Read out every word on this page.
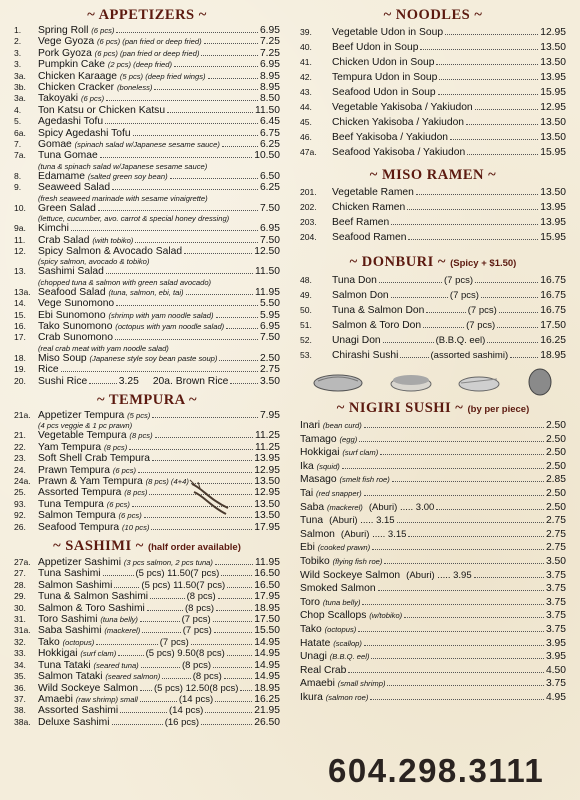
~ APPETIZERS ~
1.	Spring Roll (6 pcs)	6.95
2.	Vege Gyoza (6 pcs) (pan fried or deep fried)	7.25
3.	Pork Gyoza (6 pcs) (pan fried or deep fried)	7.25
3.	Pumpkin Cake (2 pcs) (deep fried)	6.95
3a.	Chicken Karaage (5 pcs) (deep fried wings)	8.95
3b.	Chicken Cracker (boneless)	8.95
3a.	Takoyaki (6 pcs)	8.50
4.	Ton Katsu or Chicken Katsu	11.50
5.	Agedashi Tofu	6.45
6a.	Spicy Agedashi Tofu	6.75
7.	Gomae (spinach salad w/Japanese sesame sauce)	6.25
7a.	Tuna Gomae	10.50
(tuna & spinach salad w/Japanese sesame sauce)
8.	Edamame (salted green soy bean)	6.50
9.	Seaweed Salad	6.25
(fresh seaweed marinade with sesame vinaigrette)
10.	Green Salad	7.50
(lettuce, cucumber, avo. carrot & special honey dressing)
9a.	Kimchi	6.95
11.	Crab Salad (with tobiko)	7.50
12.	Spicy Salmon & Avocado Salad	12.50
(spicy salmon, avocado & tobiko)
13.	Sashimi Salad	11.50
(chopped tuna & salmon with green salad avocado)
13a. Seafood Salad (tuna, salmon, ebi, tai)	11.95
14.	Vege Sunomono	5.50
15.	Ebi Sunomono (shrimp with yam noodle salad)	5.95
16.	Tako Sunomono (octopus with yam noodle salad)	6.95
17.	Crab Sunomono	7.50
(real crab meat with yam noodle salad)
18.	Miso Soup (Japanese style soy bean paste soup)	2.50
19.	Rice	2.75
20.	Sushi Rice	3.25 20a. Brown Rice	3.50
~ TEMPURA ~
21a. Appetizer Tempura (5 pcs)	7.95
(4 pcs veggie & 1 pc prawn)
21.	Vegetable Tempura (8 pcs)	11.25
22.	Yam Tempura (8 pcs)	11.25
23.	Soft Shell Crab Tempura	13.95
24.	Prawn Tempura (6 pcs)	12.95
24a. Prawn & Yam Tempura (8 pcs) (4+4)	13.50
25.	Assorted Tempura (8 pcs)	12.95
93.	Tuna Tempura (6 pcs)	13.50
92.	Salmon Tempura (6 pcs)	13.50
26.	Seafood Tempura (10 pcs)	17.95
~ SASHIMI ~ (half order available)
27a. Appetizer Sashimi (3 pcs salmon, 2 pcs tuna)	11.95
27.	Tuna Sashimi	(5 pcs) 11.50 (7 pcs)	16.50
28.	Salmon Sashimi	(5 pcs) 11.50 (7 pcs)	16.50
29.	Tuna & Salmon Sashimi	(8 pcs)	17.95
30.	Salmon & Toro Sashimi	(8 pcs)	18.95
31.	Toro Sashimi (tuna belly)	(7 pcs)	17.50
31a. Saba Sashimi (mackerel)	(7 pcs)	15.50
32.	Tako (octopus)	(7 pcs)	14.95
33.	Hokkigai (surf clam)	(5 pcs) 9.50 (8 pcs)	14.95
34.	Tuna Tataki (seared tuna)	(8 pcs)	14.95
35.	Salmon Tataki (seared salmon)	(8 pcs)	14.95
36.	Wild Sockeye Salmon (5 pcs) 12.50 (8 pcs) 18.95
37.	Amaebi (raw shrimp) small	(14 pcs)	16.25
38.	Assorted Sashimi	(14 pcs)	21.95
38a. Deluxe Sashimi	(16 pcs)	26.50
~ NOODLES ~
39.	Vegetable Udon in Soup	12.95
40.	Beef Udon in Soup	13.50
41.	Chicken Udon in Soup	13.50
42.	Tempura Udon in Soup	13.95
43.	Seafood Udon in Soup	15.95
44.	Vegetable Yakisoba / Yakiudon	12.95
45.	Chicken Yakisoba / Yakiudon	13.50
46.	Beef Yakisoba / Yakiudon	13.50
47a.	Seafood Yakisoba / Yakiudon	15.95
~ MISO RAMEN ~
201.	Vegetable Ramen	13.50
202.	Chicken Ramen	13.95
203.	Beef Ramen	13.95
204.	Seafood Ramen	15.95
~ DONBURI ~ (Spicy + $1.50)
48.	Tuna Don	(7 pcs)	16.75
49.	Salmon Don	(7 pcs)	16.75
50.	Tuna & Salmon Don	(7 pcs)	16.75
51.	Salmon & Toro Don	(7 pcs)	17.50
52.	Unagi Don	(B.B.Q. eel)	16.25
53.	Chirashi Sushi	(assorted sashimi)	18.95
~ NIGIRI SUSHI ~ (by per piece)
Inari (bean curd)	2.50
Tamago (egg)	2.50
Hokkigai (surf clam)	2.50
Ika (squid)	2.50
Masago (smelt fish roe)	2.85
Tai (red snapper)	2.50
Saba (mackerel) (Aburi) ..... 3.00	2.50
Tuna (Aburi) ..... 3.15	2.75
Salmon (Aburi) ..... 3.15	2.75
Ebi (cooked prawn)	2.75
Tobiko (flying fish roe)	3.50
Wild Sockeye Salmon (Aburi) ..... 3.95	3.75
Smoked Salmon	3.75
Toro (tuna belly)	3.75
Chop Scallops (w/tobiko)	3.75
Tako (octopus)	3.75
Hatate (scallop)	3.95
Unagi (B.B.Q. eel)	3.95
Real Crab	4.50
Amaebi (small shrimp)	3.75
Ikura (salmon roe)	4.95
604.298.3111
